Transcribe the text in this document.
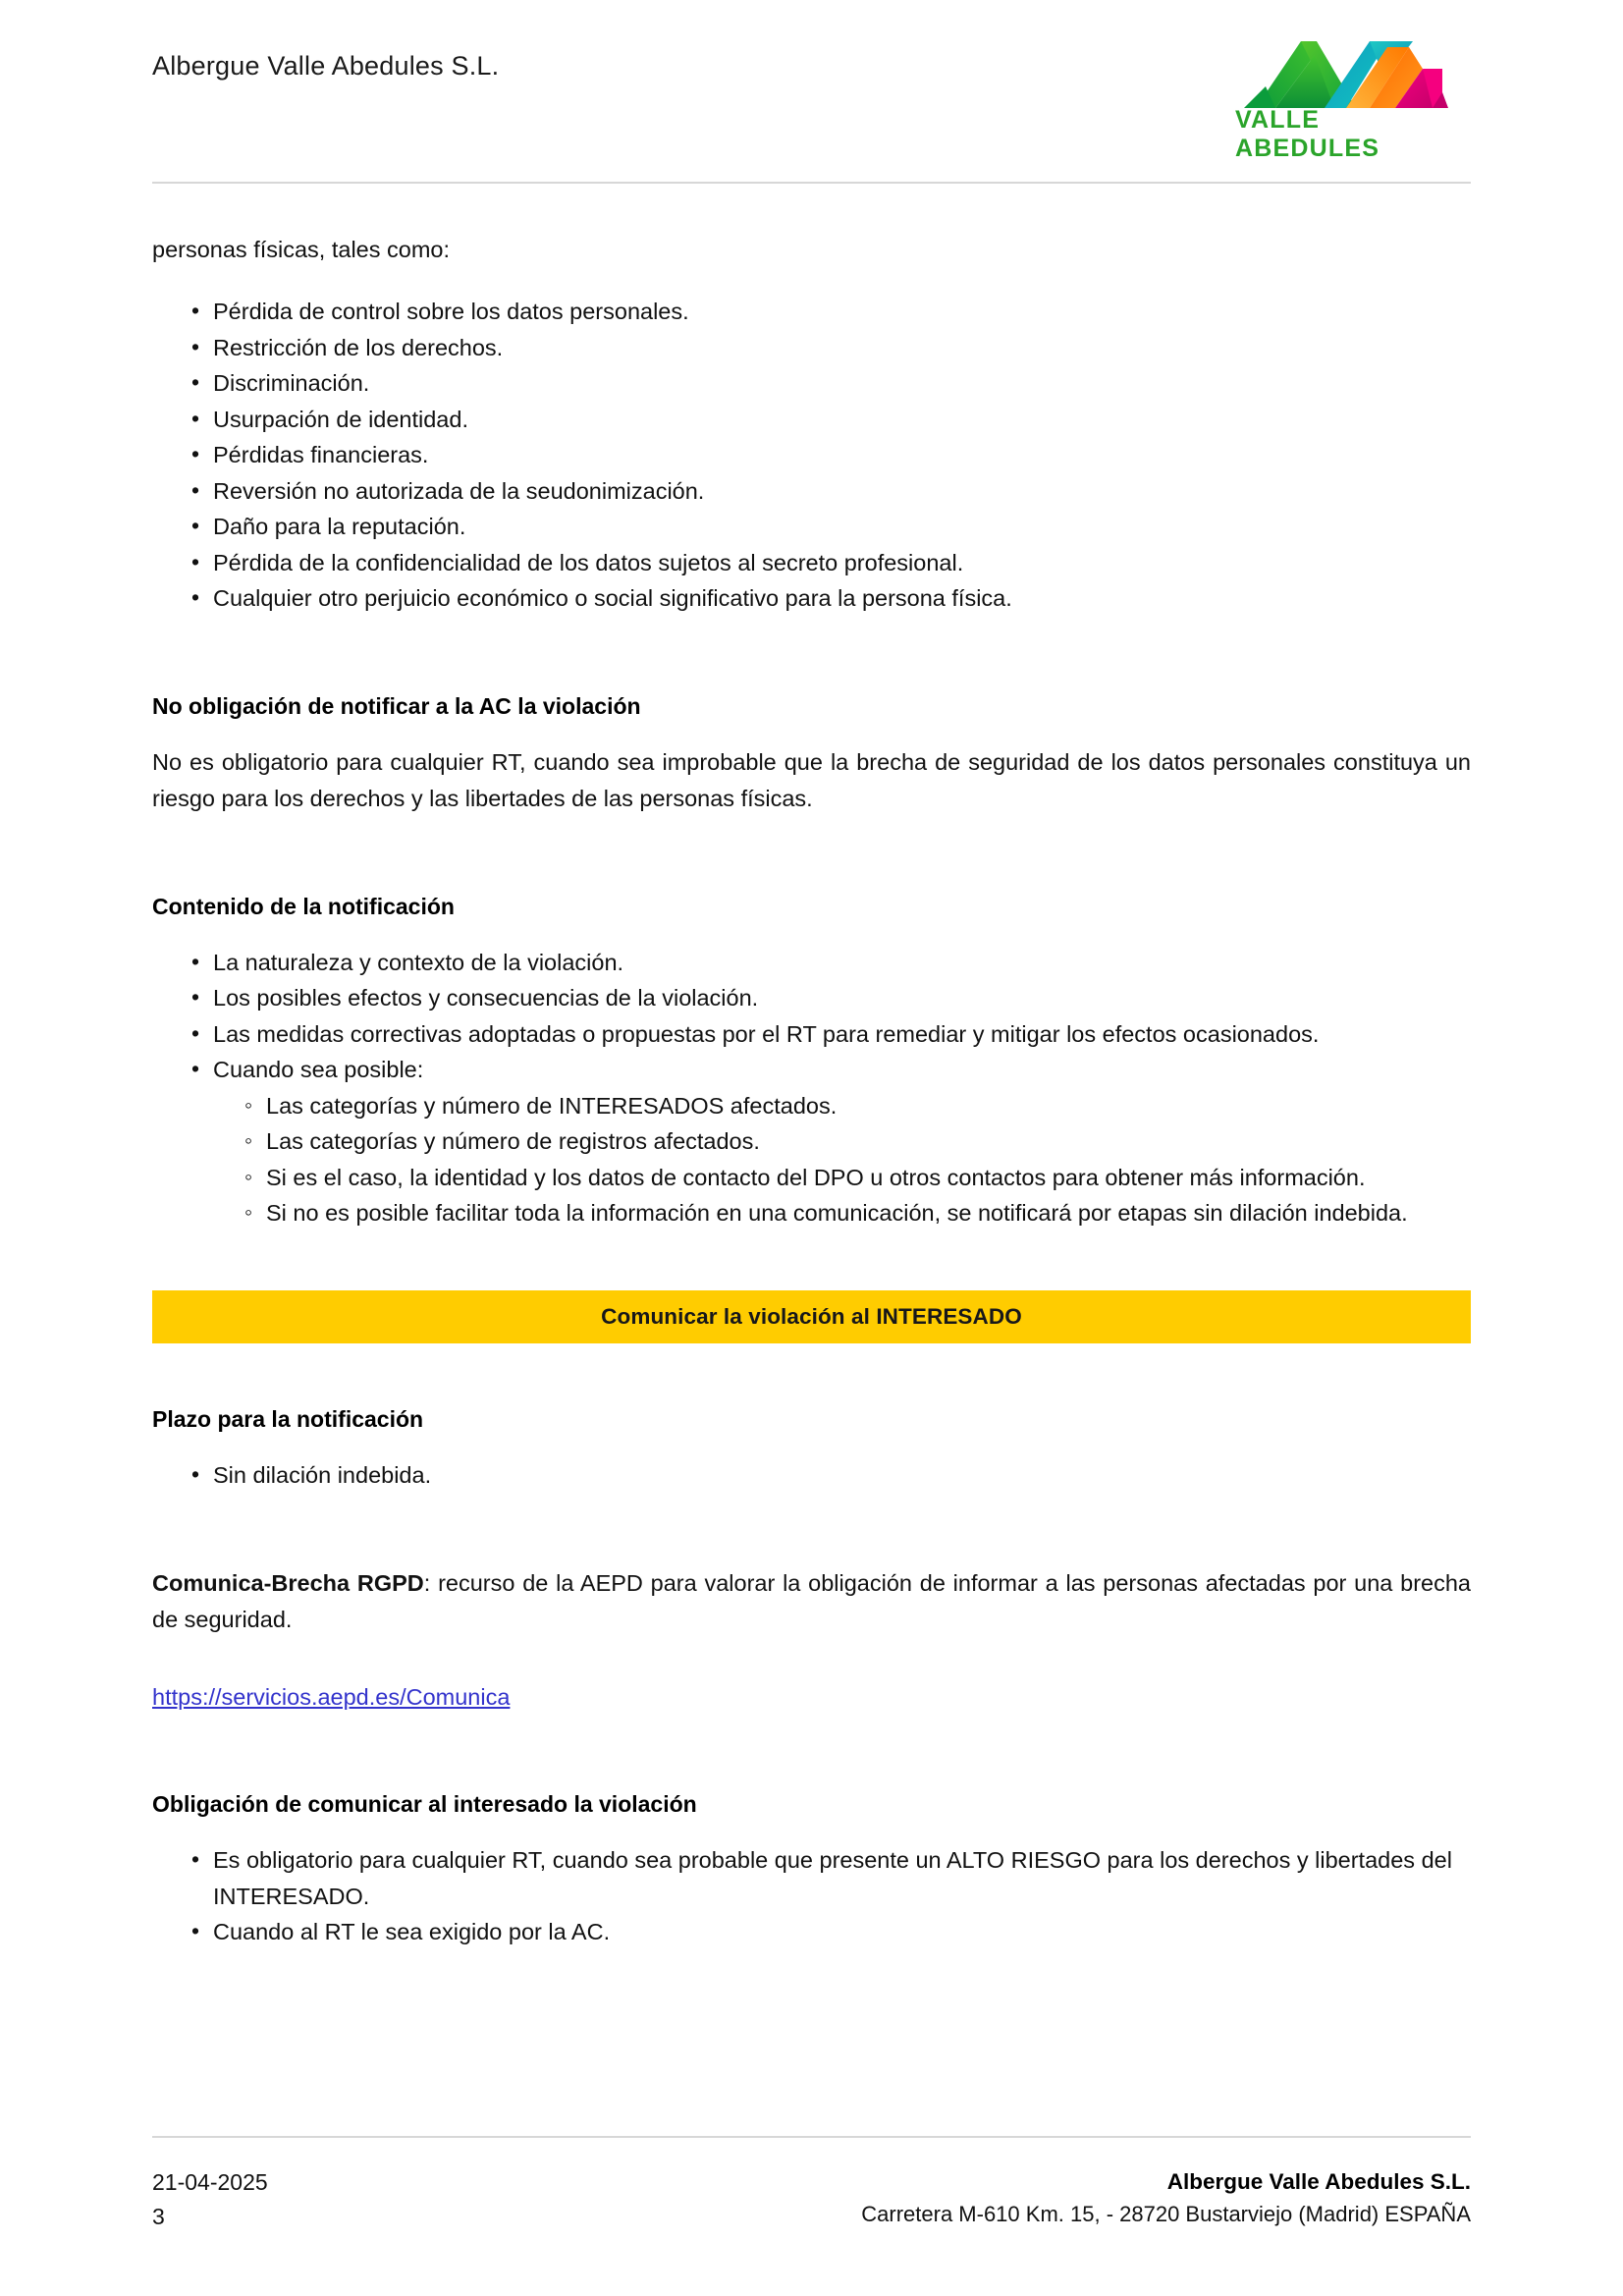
Albergue Valle Abedules S.L.
VALLE ABEDULES

personas físicas, tales como:

• Pérdida de control sobre los datos personales.
• Restricción de los derechos.
• Discriminación.
• Usurpación de identidad.
• Pérdidas financieras.
• Reversión no autorizada de la seudonimización.
• Daño para la reputación.
• Pérdida de la confidencialidad de los datos sujetos al secreto profesional.
• Cualquier otro perjuicio económico o social significativo para la persona física.
No obligación de notificar a la AC la violación

No es obligatorio para cualquier RT, cuando sea improbable que la brecha de seguridad de los datos personales constituya un riesgo para los derechos y las libertades de las personas físicas.

Contenido de la notificación
• La naturaleza y contexto de la violación.
• Los posibles efectos y consecuencias de la violación.
• Las medidas correctivas adoptadas o propuestas por el RT para remediar y mitigar los efectos ocasionados.
• Cuando sea posible:
◦ Las categorías y número de INTERESADOS afectados.
◦ Las categorías y número de registros afectados.
◦ Si es el caso, la identidad y los datos de contacto del DPO u otros contactos para obtener más información.
◦ Si no es posible facilitar toda la información en una comunicación, se notificará por etapas sin dilación indebida.
Comunicar la violación al INTERESADO
Plazo para la notificación
• Sin dilación indebida.

Comunica-Brecha RGPD: recurso de la AEPD para valorar la obligación de informar a las personas afectadas por una brecha de seguridad.

https://servicios.aepd.es/Comunica
Obligación de comunicar al interesado la violación
• Es obligatorio para cualquier RT, cuando sea probable que presente un ALTO RIESGO para los derechos y libertades del INTERESADO.
• Cuando al RT le sea exigido por la AC.
21-04-2025
3
Albergue Valle Abedules S.L.
Carretera M-610 Km. 15, - 28720 Bustarviejo (Madrid) ESPAÑA
